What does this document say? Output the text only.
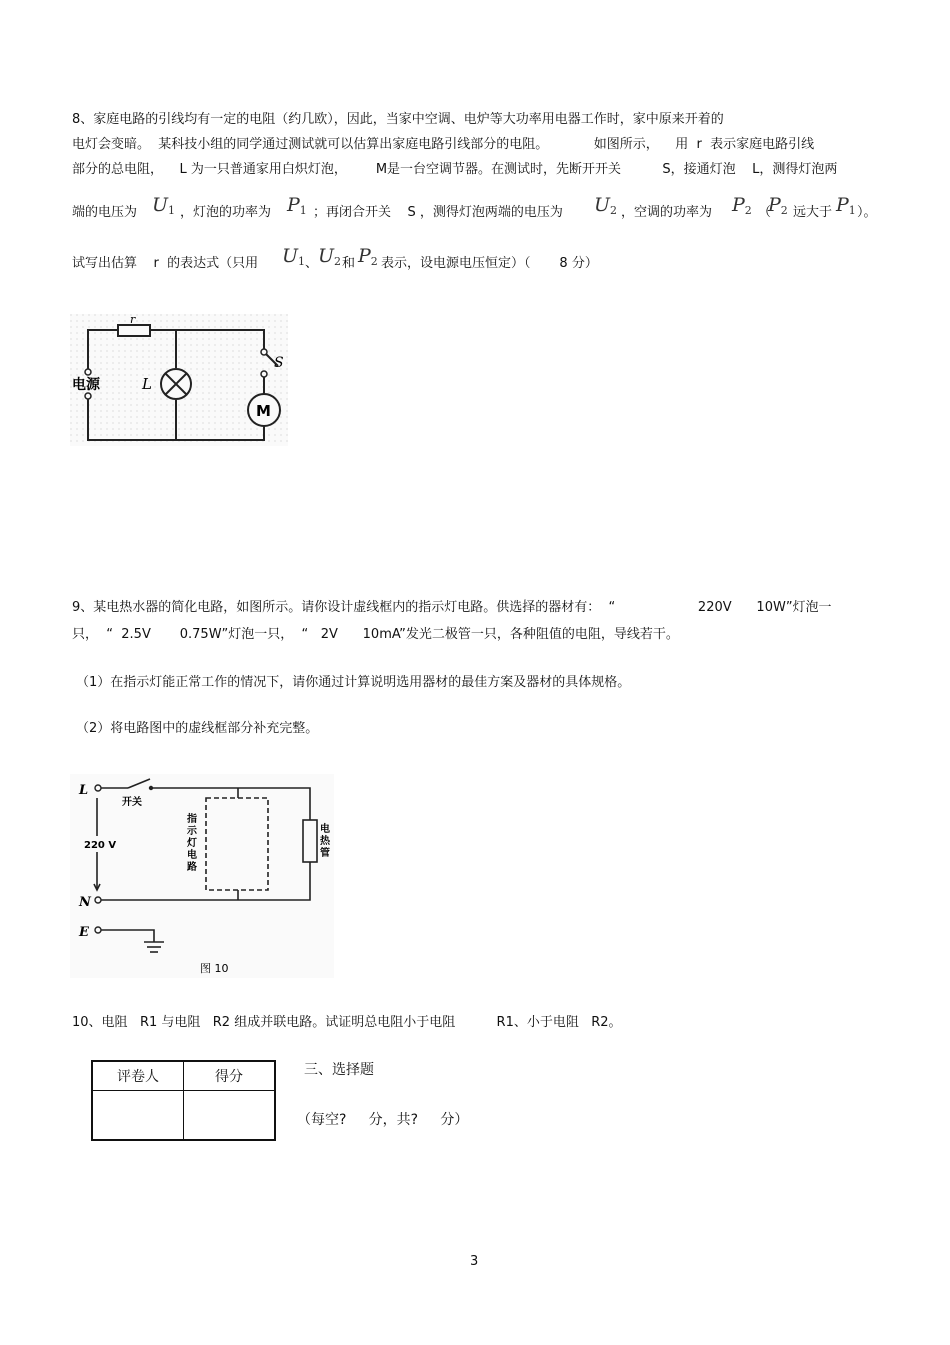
8、家庭电路的引线均有一定的电阻（约几欧），因此，当家中空调、电炉等大功率用电器工作时，家中原来开着的
电灯会变暗。  某科技小组的同学通过测试就可以估算出家庭电路引线部分的电阻。           如图所示，    用  r  表示家庭电路引线
部分的总电阻，    L 为一只普通家用白炽灯泡，       M是一台空调节器。在测试时，先断开开关          S，接通灯泡    L，测得灯泡两
端的电压为 $U_1$ ，灯泡的功率为 $P_1$ ；再闭合开关    S ，测得灯泡两端的电压为 $U_2$ ，空调的功率为 $P_2$ （
$P_2$ 远大于 $P_1$ ）。
试写出估算    r  的表达式（只用 $U_1$ 、 $U_2$ 和 $P_2$ 表示，设电源电压恒定）（       8 分）
r
L
S
M
电源
9、某电热水器的简化电路，如图所示。请你设计虚线框内的指示灯电路。供选择的器材有：  “                    220V      10W”灯泡一
只，  “  2.5V       0.75W”灯泡一只，  “   2V      10mA”发光二极管一只，各种阻值的电阻，导线若干。
（1）在指示灯能正常工作的情况下，请你通过计算说明选用器材的最佳方案及器材的具体规格。
（2）将电路图中的虚线框部分补充完整。
L
N
E
开关
220 V
指
示
灯
电
路
电
热
管
图 10
10、电阻   R1 与电阻   R2 组成并联电路。试证明总电阻小于电阻          R1、小于电阻   R2。
评卷人	得分
		三、选择题
（每空?     分，共?     分）
3
